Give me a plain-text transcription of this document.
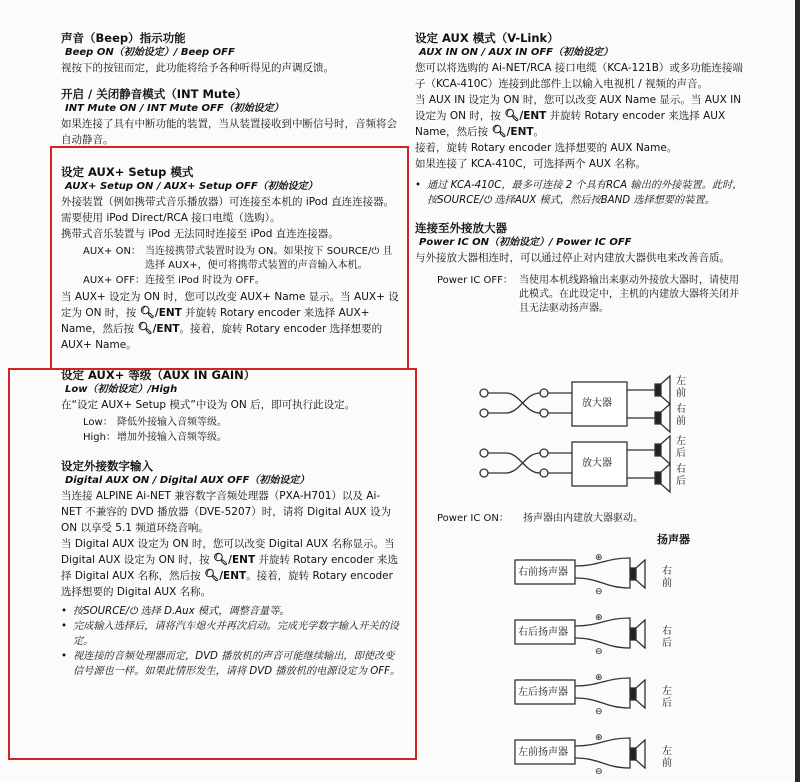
声音（Beep）指示功能
Beep ON（初始设定）/ Beep OFF

视按下的按钮而定，此功能将给予各种听得见的声调反馈。

开启 / 关闭静音模式（INT Mute）
INT Mute ON / INT Mute OFF（初始设定）

如果连接了具有中断功能的装置，当从装置接收到中断信号时，音频将会自动静音。

设定 AUX+ Setup 模式
AUX+ Setup ON / AUX+ Setup OFF（初始设定）

外接装置（例如携带式音乐播放器）可连接至本机的 iPod 直连连接器。需要使用 iPod Direct/RCA 接口电缆（选购）。

携带式音乐装置与 iPod 无法同时连接至 iPod 直连连接器。

AUX+ ON： 当连接携带式装置时设为 ON。如果按下 SOURCE/⏻ 且选择 AUX+，便可将携带式装置的声音输入本机。
AUX+ OFF： 连接至 iPod 时设为 OFF。

当 AUX+ 设定为 ON 时，您可以改变 AUX+ Name 显示。当 AUX+ 设定为 ON 时，按 🔍︎/ENT 并旋转 Rotary encoder 来选择 AUX+ Name，然后按 🔍︎/ENT。接着，旋转 Rotary encoder 选择想要的 AUX+ Name。

设定 AUX+ 等级（AUX IN GAIN）
Low（初始设定）/High

在“设定 AUX+ Setup 模式”中设为 ON 后，即可执行此设定。

Low： 降低外接输入音频等级。
High： 增加外接输入音频等级。
设定外接数字输入
Digital AUX ON / Digital AUX OFF（初始设定）

当连接 ALPINE Ai-NET 兼容数字音频处理器（PXA-H701）以及 Ai-NET 不兼容的 DVD 播放器（DVE-5207）时，请将 Digital AUX 设为 ON 以享受 5.1 频道环绕音响。

当 Digital AUX 设定为 ON 时，您可以改变 Digital AUX 名称显示。当 Digital AUX 设定为 ON 时，按 🔍︎/ENT 并旋转 Rotary encoder 来选择 Digital AUX 名称，然后按 🔍︎/ENT。接着，旋转 Rotary encoder 选择想要的 Digital AUX 名称。

• 按SOURCE/⏻ 选择 D.Aux 模式，调整音量等。
• 完成输入选择后，请将汽车熄火并再次启动。完成光学数字输入开关的设定。
• 视连接的音频处理器而定，DVD 播放机的声音可能继续输出，即使改变信号源也一样。如果此情形发生，请将 DVD 播放机的电源设定为 OFF。
设定 AUX 模式（V-Link）
AUX IN ON / AUX IN OFF（初始设定）

您可以将选购的 Ai-NET/RCA 接口电缆（KCA-121B）或多功能连接端子（KCA-410C）连接到此部件上以输入电视机 / 视频的声音。

当 AUX IN 设定为 ON 时，您可以改变 AUX Name 显示。当 AUX IN 设定为 ON 时，按 🔍︎/ENT 并旋转 Rotary encoder 来选择 AUX Name，然后按 🔍︎/ENT。

接着，旋转 Rotary encoder 选择想要的 AUX Name。

如果连接了 KCA-410C，可选择两个 AUX 名称。

• 通过 KCA-410C，最多可连接 2 个具有RCA 输出的外接装置。此时，按SOURCE/⏻ 选择AUX 模式，然后按BAND 选择想要的装置。
连接至外接放大器
Power IC ON（初始设定）/ Power IC OFF

与外接放大器相连时，可以通过停止对内建放大器供电来改善音质。

Power IC OFF： 当使用本机线路输出来驱动外接放大器时，请使用此模式。在此设定中，主机的内建放大器将关闭并且无法驱动扬声器。
放大器
放大器
左前
右前
左后
右后
Power IC ON：	扬声器由内建放大器驱动。
扬声器
⊕
⊖
⊕
⊖
⊕
⊖
⊕
⊖
右前扬声器
右后扬声器
左后扬声器
左前扬声器
右前
右后
左后
左前
